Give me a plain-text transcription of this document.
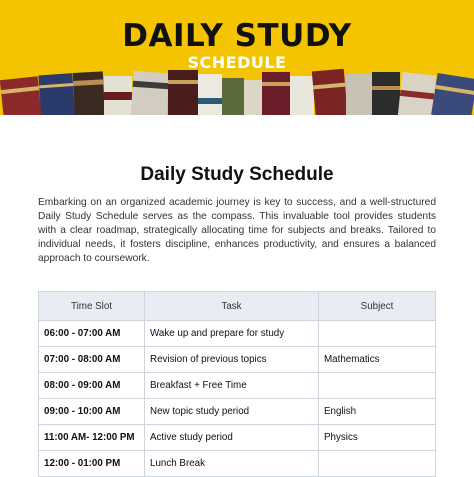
DAILY STUDY
SCHEDULE
Daily Study Schedule

Embarking on an organized academic journey is key to success, and a well-structured Daily Study Schedule serves as the compass. This invaluable tool provides students with a clear roadmap, strategically allocating time for subjects and breaks. Tailored to individual needs, it fosters discipline, enhances productivity, and ensures a balanced approach to coursework.

Time Slot	Task	Subject
06:00 - 07:00 AM	Wake up and prepare for study	
07:00 - 08:00 AM	Revision of previous topics	Mathematics
08:00 - 09:00 AM	Breakfast + Free Time	
09:00 - 10:00 AM	New topic study period	English
11:00 AM- 12:00 PM	Active study period	Physics
12:00 - 01:00 PM	Lunch Break	
